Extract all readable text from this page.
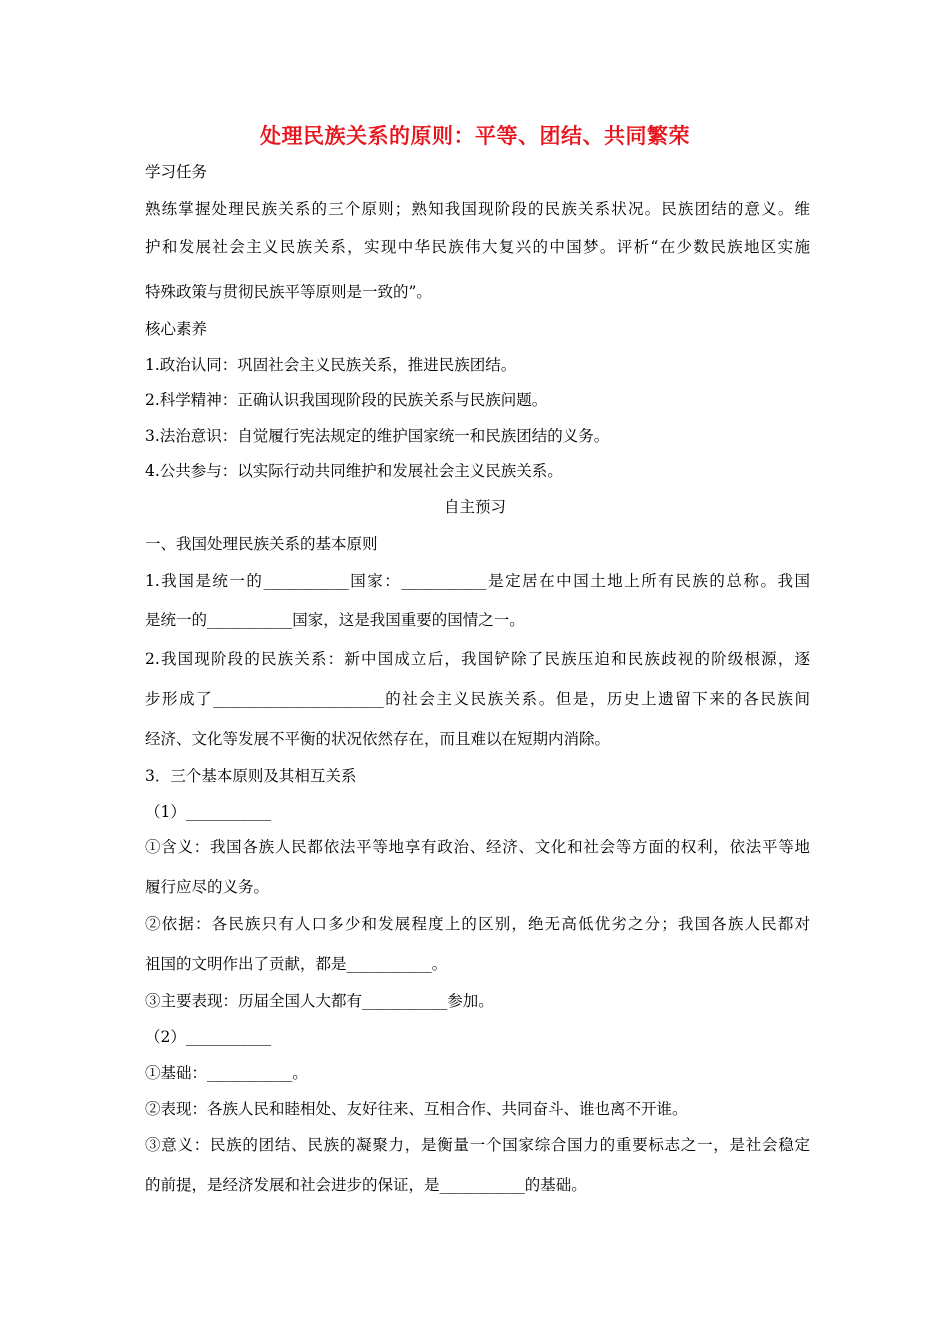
处理民族关系的原则：平等、团结、共同繁荣
学习任务
熟练掌握处理民族关系的三个原则；熟知我国现阶段的民族关系状况。民族团结的意义。维
护和发展社会主义民族关系，实现中华民族伟大复兴的中国梦。评析“在少数民族地区实施
特殊政策与贯彻民族平等原则是一致的”。
核心素养
1.政治认同：巩固社会主义民族关系，推进民族团结。
2.科学精神：正确认识我国现阶段的民族关系与民族问题。
3.法治意识：自觉履行宪法规定的维护国家统一和民族团结的义务。
4.公共参与：以实际行动共同维护和发展社会主义民族关系。
自主预习
一、我国处理民族关系的基本原则
1.我国是统一的___________国家：___________是定居在中国土地上所有民族的总称。我国
是统一的___________国家，这是我国重要的国情之一。
2.我国现阶段的民族关系：新中国成立后，我国铲除了民族压迫和民族歧视的阶级根源，逐
步形成了______________________的社会主义民族关系。但是，历史上遗留下来的各民族间
经济、文化等发展不平衡的状况依然存在，而且难以在短期内消除。
3．三个基本原则及其相互关系
（1）___________
①含义：我国各族人民都依法平等地享有政治、经济、文化和社会等方面的权利，依法平等地
履行应尽的义务。
②依据：各民族只有人口多少和发展程度上的区别，绝无高低优劣之分；我国各族人民都对
祖国的文明作出了贡献，都是___________。
③主要表现：历届全国人大都有___________参加。
（2）___________
①基础：___________。
②表现：各族人民和睦相处、友好往来、互相合作、共同奋斗、谁也离不开谁。
③意义：民族的团结、民族的凝聚力，是衡量一个国家综合国力的重要标志之一，是社会稳定
的前提，是经济发展和社会进步的保证，是___________的基础。
